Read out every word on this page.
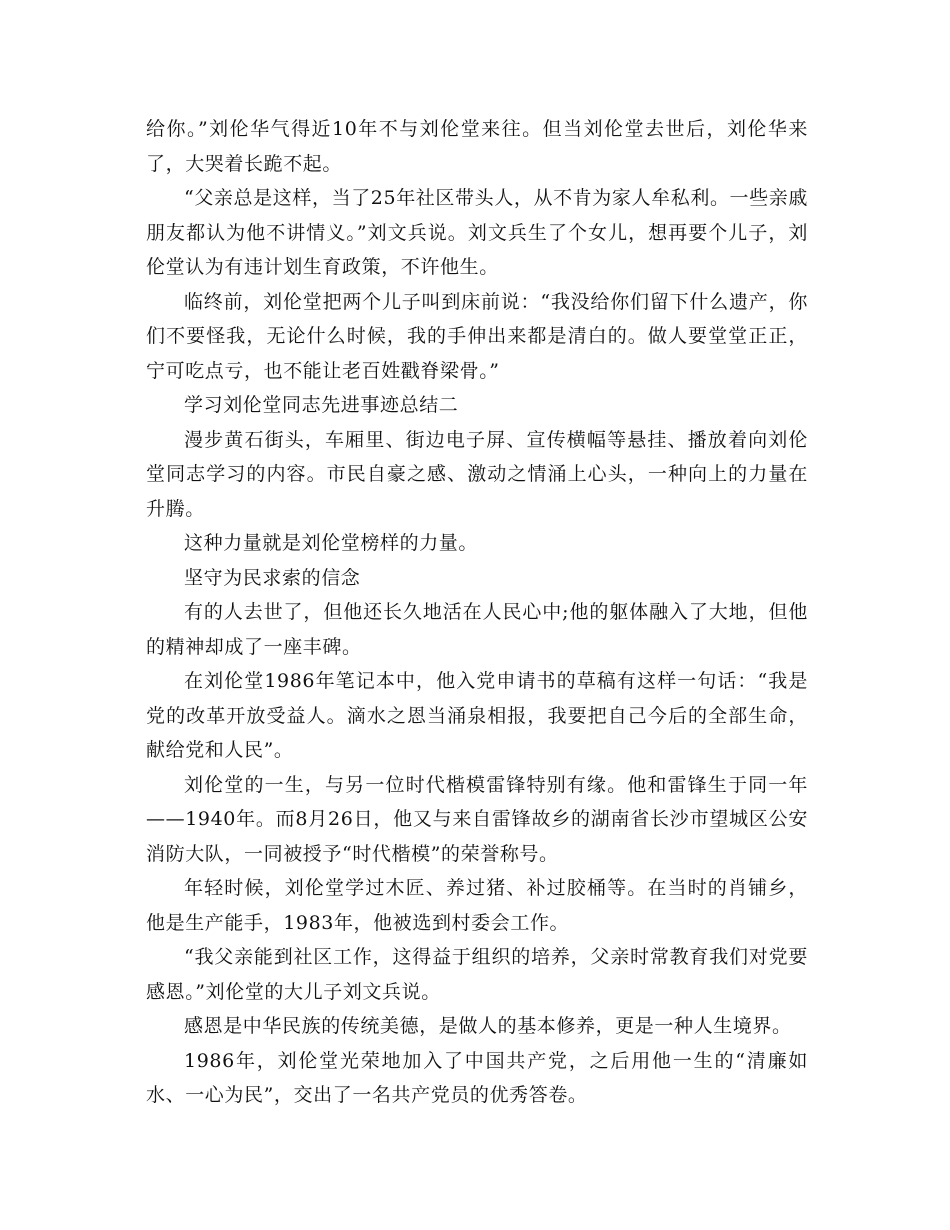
给你。”刘伦华气得近10年不与刘伦堂来往。但当刘伦堂去世后，刘伦华来了，大哭着长跪不起。

“父亲总是这样，当了25年社区带头人，从不肯为家人牟私利。一些亲戚朋友都认为他不讲情义。”刘文兵说。刘文兵生了个女儿，想再要个儿子，刘伦堂认为有违计划生育政策，不许他生。

临终前，刘伦堂把两个儿子叫到床前说：“我没给你们留下什么遗产，你们不要怪我，无论什么时候，我的手伸出来都是清白的。做人要堂堂正正，宁可吃点亏，也不能让老百姓戳脊梁骨。”

学习刘伦堂同志先进事迹总结二

漫步黄石街头，车厢里、街边电子屏、宣传横幅等悬挂、播放着向刘伦堂同志学习的内容。市民自豪之感、激动之情涌上心头，一种向上的力量在升腾。

这种力量就是刘伦堂榜样的力量。

坚守为民求索的信念

有的人去世了，但他还长久地活在人民心中;他的躯体融入了大地，但他的精神却成了一座丰碑。

在刘伦堂1986年笔记本中，他入党申请书的草稿有这样一句话：“我是党的改革开放受益人。滴水之恩当涌泉相报，我要把自己今后的全部生命，献给党和人民”。

刘伦堂的一生，与另一位时代楷模雷锋特别有缘。他和雷锋生于同一年——1940年。而8月26日，他又与来自雷锋故乡的湖南省长沙市望城区公安消防大队，一同被授予“时代楷模”的荣誉称号。

年轻时候，刘伦堂学过木匠、养过猪、补过胶桶等。在当时的肖铺乡，他是生产能手，1983年，他被选到村委会工作。

“我父亲能到社区工作，这得益于组织的培养，父亲时常教育我们对党要感恩。”刘伦堂的大儿子刘文兵说。

感恩是中华民族的传统美德，是做人的基本修养，更是一种人生境界。

1986年，刘伦堂光荣地加入了中国共产党，之后用他一生的“清廉如水、一心为民”，交出了一名共产党员的优秀答卷。
